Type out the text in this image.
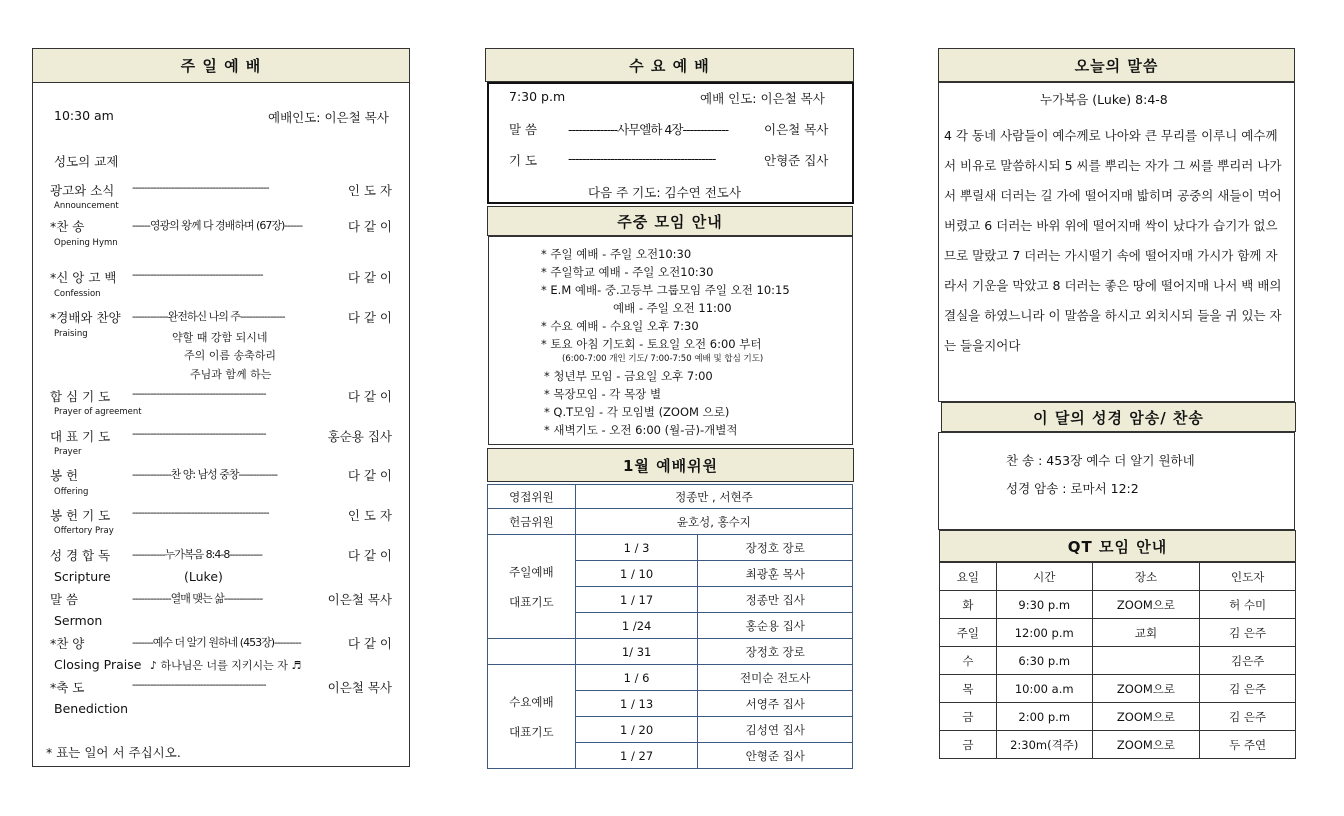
주 일 예 배
10:30 am	예배인도: 이은철 목사
성도의 교제
광고와 소식 ----------------------------------------------	인 도 자
Announcement
*찬 송	------영광의 왕께 다 경배하며 (67장)------	다 같 이
Opening Hymn
*신 앙 고 백 --------------------------------------------	다 같 이
Confession
*경배와 찬양 ------------완전하신 나의 주---------------	다 같 이
Praising
합 심 기 도 ---------------------------------------------	다 같 이
Prayer of agreement
대 표 기 도 ---------------------------------------------	홍순용 집사
Prayer
봉 헌	-------------찬 양: 남성 중창-------------	다 같 이
Offering
봉 헌 기 도 ----------------------------------------------	인 도 자
Offertory Pray
성 경 합 독 -----------누가복음 8:4-8-----------	다 같 이
Scripture
말 씀	-------------열매 맺는 삶-------------	이은철 목사
Sermon
*찬 양	-------예수 더 알기 원하네 (453장)---------	다 같 이
Closing Praise
*축 도	---------------------------------------------	이은철 목사
Benediction
약할 때 강함 되시네
주의 이름 송축하리
주님과 함께 하는
(Luke)
♪ 하나님은 너를 지키시는 자 ♬
* 표는 일어 서 주십시오.
수 요 예 배
7:30 p.m	예배 인도: 이은철 목사
말 씀 --------------사무엘하 4장-------------	이은철 목사
기 도 ------------------------------------------	안형준 집사
다음 주 기도: 김수연 전도사
주중 모임 안내
* 주일 예배 - 주일 오전10:30
* 주일학교 예배 - 주일 오전10:30
* E.M 예배- 중.고등부 그룹모임 주일 오전 10:15
예배 - 주일 오전 11:00
* 수요 예배 - 수요일 오후 7:30
* 토요 아침 기도회 - 토요일 오전 6:00 부터
(6:00-7:00 개인 기도/ 7:00-7:50 예배 및 합심 기도)
* 청년부 모임 - 금요일 오후 7:00
* 목장모임 - 각 목장 별
* Q.T모임 - 각 모임별 (ZOOM 으로)
* 새벽기도 - 오전 6:00 (월-금)-개별적
1월 예배위원
영접위원	정종만 , 서현주	
헌금위원	윤호성, 홍수지	

주일예배
대표기도	1 / 3	장정호 장로
	1 / 10	최광훈 목사
	1 / 17	정종만 집사
	1 /24	홍순용 집사
	1/ 31	장정호 장로

수요예배
대표기도	1 / 6	전미순 전도사
	1 / 13	서영주 집사
	1 / 20	김성연 집사
	1 / 27	안형준 집사
오늘의 말씀
누가복음 (Luke) 8:4-8
4 각 동네 사람들이 예수께로 나아와 큰 무리를 이루니 예수께
서 비유로 말씀하시되 5 씨를 뿌리는 자가 그 씨를 뿌리러 나가
서 뿌릴새 더러는 길 가에 떨어지매 밟히며 공중의 새들이 먹어
버렸고 6 더러는 바위 위에 떨어지매 싹이 났다가 습기가 없으
므로 말랐고 7 더러는 가시떨기 속에 떨어지매 가시가 함께 자
라서 기운을 막았고 8 더러는 좋은 땅에 떨어지매 나서 백 배의
결실을 하였느니라 이 말씀을 하시고 외치시되 들을 귀 있는 자
는 들을지어다
이 달의 성경 암송/ 찬송
찬 송 : 453장 예수 더 알기 원하네
성경 암송 : 로마서 12:2
QT 모임 안내
요일	시간	장소	인도자
화	9:30 p.m	ZOOM으로	허 수미
주일	12:00 p.m	교회	김 은주
수	6:30 p.m		김은주
목	10:00 a.m	ZOOM으로	김 은주
금	2:00 p.m	ZOOM으로	김 은주
금	2:30m(격주)	ZOOM으로	두 주연
